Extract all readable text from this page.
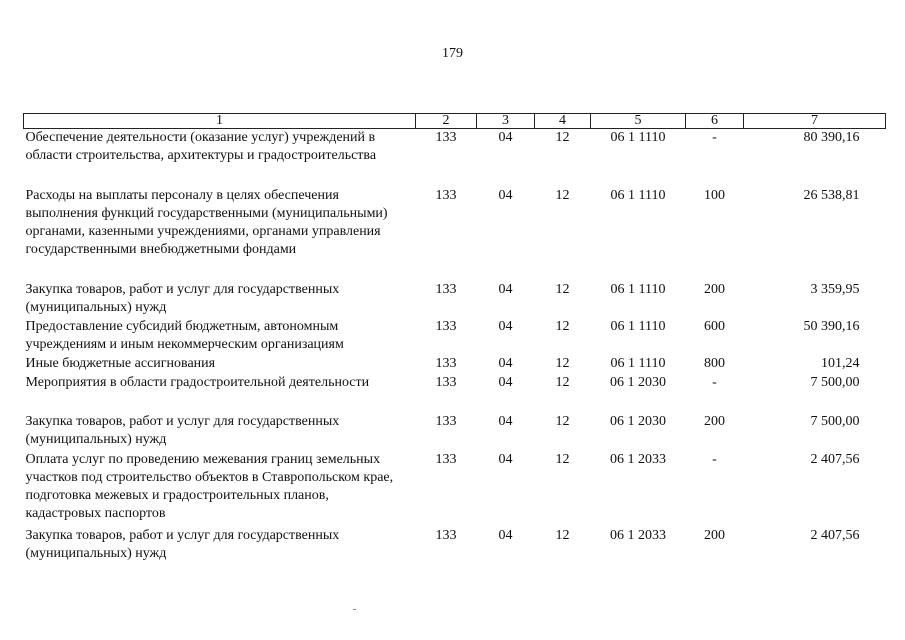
179
1	2	3	4	5	6	7
Обеспечение деятельности (оказание услуг) учреждений в области строительства, архитектуры и градостроительства	133	04	12	06 1 1110	-	80 390,16
Расходы на выплаты персоналу в целях обеспечения выполнения функций государственными (муниципальными) органами, казенными учреждениями, органами управления государственными внебюджетными фондами	133	04	12	06 1 1110	100	26 538,81
Закупка товаров, работ и услуг для государственных (муниципальных) нужд	133	04	12	06 1 1110	200	3 359,95
Предоставление субсидий бюджетным, автономным учреждениям и иным некоммерческим организациям	133	04	12	06 1 1110	600	50 390,16
Иные бюджетные ассигнования	133	04	12	06 1 1110	800	101,24
Мероприятия в области градостроительной деятельности	133	04	12	06 1 2030	-	7 500,00
Закупка товаров, работ и услуг для государственных (муниципальных) нужд	133	04	12	06 1 2030	200	7 500,00
Оплата услуг по проведению межевания границ земельных участков под строительство объектов в Ставропольском крае, подготовка межевых и градостроительных планов, кадастровых паспортов	133	04	12	06 1 2033	-	2 407,56
Закупка товаров, работ и услуг для государственных (муниципальных) нужд	133	04	12	06 1 2033	200	2 407,56
